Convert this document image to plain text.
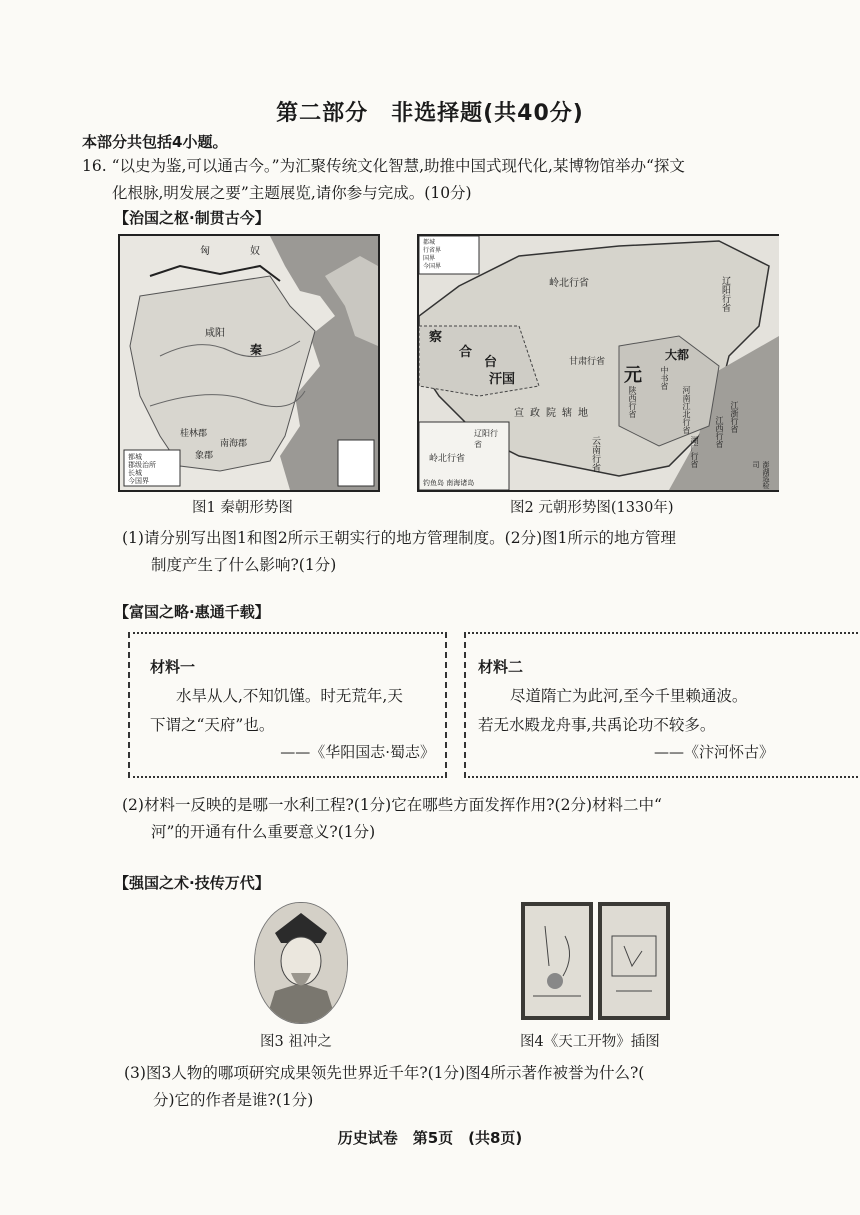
第二部分　非选择题(共40分)
本部分共包括4小题。
16. “以史为鉴,可以通古今。”为汇聚传统文化智慧,助推中国式现代化,某博物馆举办“探文
化根脉,明发展之要”主题展览,请你参与完成。(10分)
【治国之枢·制贯古今】
匈	奴
咸阳
秦
桂林郡
南海郡
象郡
都城
郡级治所
长城
今国界
岭北行省	辽阳行省
察
合
台
汗国	元
大都
甘肃行省
陕西行省
中书省
河南江北行省	江浙行省
江西行省
湖广行省
宣政院辖地
云南行省
澎湖巡检司
岭北行省
辽阳行省
都城
行省界
国界
今国界
钓鱼岛 南海诸岛
图1 秦朝形势图	图2 元朝形势图(1330年)
(1)请分别写出图1和图2所示王朝实行的地方管理制度。(2分)图1所示的地方管理
制度产生了什么影响?(1分)
【富国之略·惠通千载】
材料一

水旱从人,不知饥馑。时无荒年,天

下谓之“天府”也。

——《华阳国志·蜀志》
材料二

尽道隋亡为此河,至今千里赖通波。

若无水殿龙舟事,共禹论功不较多。

——《汴河怀古》
(2)材料一反映的是哪一水利工程?(1分)它在哪些方面发挥作用?(2分)材料二中“
河”的开通有什么重要意义?(1分)
【强国之术·技传万代】
图3 祖冲之	图4《天工开物》插图
(3)图3人物的哪项研究成果领先世界近千年?(1分)图4所示著作被誉为什么?(
分)它的作者是谁?(1分)
历史试卷　第5页　(共8页)
